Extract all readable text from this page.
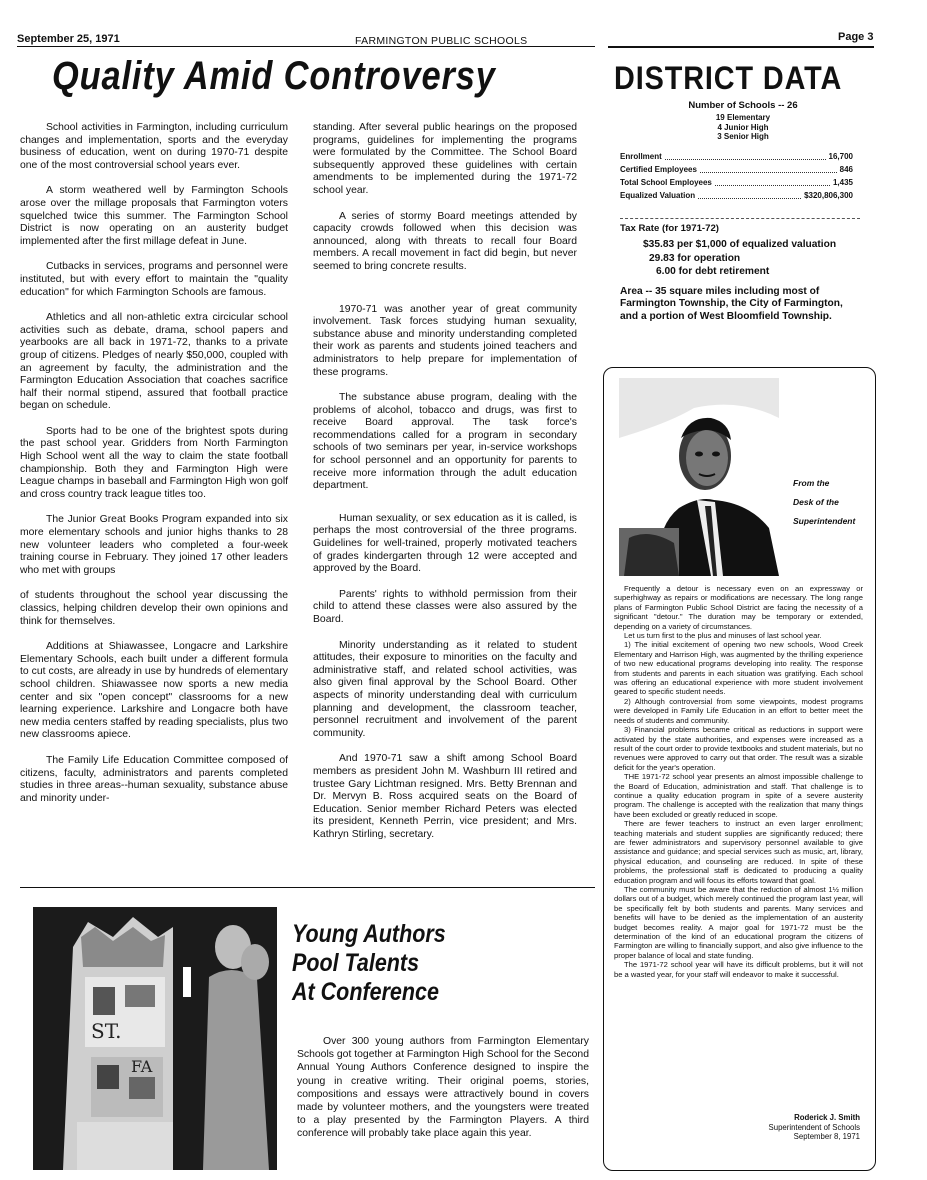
September 25, 1971	FARMINGTON PUBLIC SCHOOLS	Page 3
Quality Amid Controversy

School activities in Farmington, including curriculum changes and implementation, sports and the everyday business of education, went on during 1970-71 despite one of the most controversial school years ever.

A storm weathered well by Farmington Schools arose over the millage proposals that Farmington voters squelched twice this summer. The Farmington School District is now operating on an austerity budget implemented after the first millage defeat in June.

Cutbacks in services, programs and personnel were instituted, but with every effort to maintain the "quality education" for which Farmington Schools are famous.

Athletics and all non-athletic extra circicular school activities such as debate, drama, school papers and yearbooks are all back in 1971-72, thanks to a private group of citizens. Pledges of nearly $50,000, coupled with an agreement by faculty, the administration and the Farmington Education Association that coaches sacrifice half their normal stipend, assured that football practice began on schedule.

Sports had to be one of the brightest spots during the past school year. Gridders from North Farmington High School went all the way to claim the state football championship. Both they and Farmington High were League champs in baseball and Farmington High won golf and cross country track league titles too.

The Junior Great Books Program expanded into six more elementary schools and junior highs thanks to 28 new volunteer leaders who completed a four-week training course in February. They joined 17 other leaders who met with groups

of students throughout the school year discussing the classics, helping children develop their own opinions and think for themselves.

Additions at Shiawassee, Longacre and Larkshire Elementary Schools, each built under a different formula to cut costs, are already in use by hundreds of elementary school children. Shiawassee now sports a new media center and six "open concept" classrooms for a new learning experience. Larkshire and Longacre both have new media centers staffed by reading specialists, plus two new classrooms apiece.

The Family Life Education Committee composed of citizens, faculty, administrators and parents completed studies in three areas--human sexuality, substance abuse and minority under-

standing. After several public hearings on the proposed programs, guidelines for implementing the programs were formulated by the Committee. The School Board subsequently approved these guidelines with certain amendments to be implemented during the 1971-72 school year.

A series of stormy Board meetings attended by capacity crowds followed when this decision was announced, along with threats to recall four Board members. A recall movement in fact did begin, but never seemed to bring concrete results.

1970-71 was another year of great community involvement. Task forces studying human sexuality, substance abuse and minority understanding completed their work as parents and students joined teachers and administrators to help prepare for implementation of these programs.

The substance abuse program, dealing with the problems of alcohol, tobacco and drugs, was first to receive Board approval. The task force's recommendations called for a program in secondary schools of two seminars per year, in-service workshops for school personnel and an opportunity for parents to receive more information through the adult education department.

Human sexuality, or sex education as it is called, is perhaps the most controversial of the three programs. Guidelines for well-trained, properly motivated teachers of grades kindergarten through 12 were accepted and approved by the Board.

Parents' rights to withhold permission from their child to attend these classes were also assured by the Board.

Minority understanding as it related to student attitudes, their exposure to minorities on the faculty and administrative staff, and related school activities, was also given final approval by the School Board. Other aspects of minority understanding deal with curriculum planning and development, the classroom teacher, personnel recruitment and involvement of the parent community.

And 1970-71 saw a shift among School Board members as president John M. Washburn III retired and trustee Gary Lichtman resigned. Mrs. Betty Brennan and Dr. Mervyn B. Ross acquired seats on the Board of Education. Senior member Richard Peters was elected its president, Kenneth Perrin, vice president; and Mrs. Kathryn Stirling, secretary.

DISTRICT DATA
Number of Schools -- 26
19 Elementary
4 Junior High
3 Senior High
Enrollment	16,700
Certified Employees	846
Total School Employees	1,435
Equalized Valuation	$320,806,300
Tax Rate (for 1971-72)
$35.83 per $1,000 of equalized valuation
29.83 for operation
6.00 for debt retirement
Area -- 35 square miles including most of Farmington Township, the City of Farmington, and a portion of West Bloomfield Township.
From the
Desk of the
Superintendent

Frequently a detour is necessary even on an expressway or superhighway as repairs or modifications are necessary. The long range plans of Farmington Public School District are facing the necessity of a significant "detour." The duration may be temporary or extended, depending on a variety of circumstances.

Let us turn first to the plus and minuses of last school year.

1) The initial excitement of opening two new schools, Wood Creek Elementary and Harrison High, was augmented by the thrilling experience of two new educational programs developing into reality. The response from students and parents in each situation was gratifying. Each school was offering an educational experience with more student involvement geared to specific student needs.

2) Although controversial from some viewpoints, modest programs were developed in Family Life Education in an effort to better meet the needs of students and community.

3) Financial problems became critical as reductions in support were activated by the state authorities, and expenses were increased as a result of the court order to provide textbooks and student materials, but no revenues were approved to carry out that order. The result was a sizable deficit for the year's operation.

THE 1971-72 school year presents an almost impossible challenge to the Board of Education, administration and staff. That challenge is to continue a quality education program in spite of a severe austerity program. The challenge is accepted with the realization that many things have been excluded or greatly reduced in scope.

There are fewer teachers to instruct an even larger enrollment; teaching materials and student supplies are significantly reduced; there are fewer administrators and supervisory personnel available to give assistance and guidance; and special services such as music, art, library, physical education, and counseling are reduced. In spite of these problems, the professional staff is dedicated to producing a quality education program and will focus its efforts toward that goal.

The community must be aware that the reduction of almost 1½ million dollars out of a budget, which merely continued the program last year, will be specifically felt by both students and parents. Many services and benefits will have to be denied as the implementation of an austerity budget becomes reality. A major goal for 1971-72 must be the determination of the kind of an educational program the citizens of Farmington are willing to financially support, and also give influence to the proper balance of local and state funding.

The 1971-72 school year will have its difficult problems, but it will not be a wasted year, for your staff will endeavor to make it successful.

Roderick J. Smith
Superintendent of Schools
September 8, 1971
ST.
FA
Young Authors
Pool Talents
At Conference

Over 300 young authors from Farmington Elementary Schools got together at Farmington High School for the Second Annual Young Authors Conference designed to inspire the young in creative writing. Their original poems, stories, compositions and essays were attractively bound in covers made by volunteer mothers, and the youngsters were treated to a play presented by the Farmington Players. A third conference will probably take place again this year.
